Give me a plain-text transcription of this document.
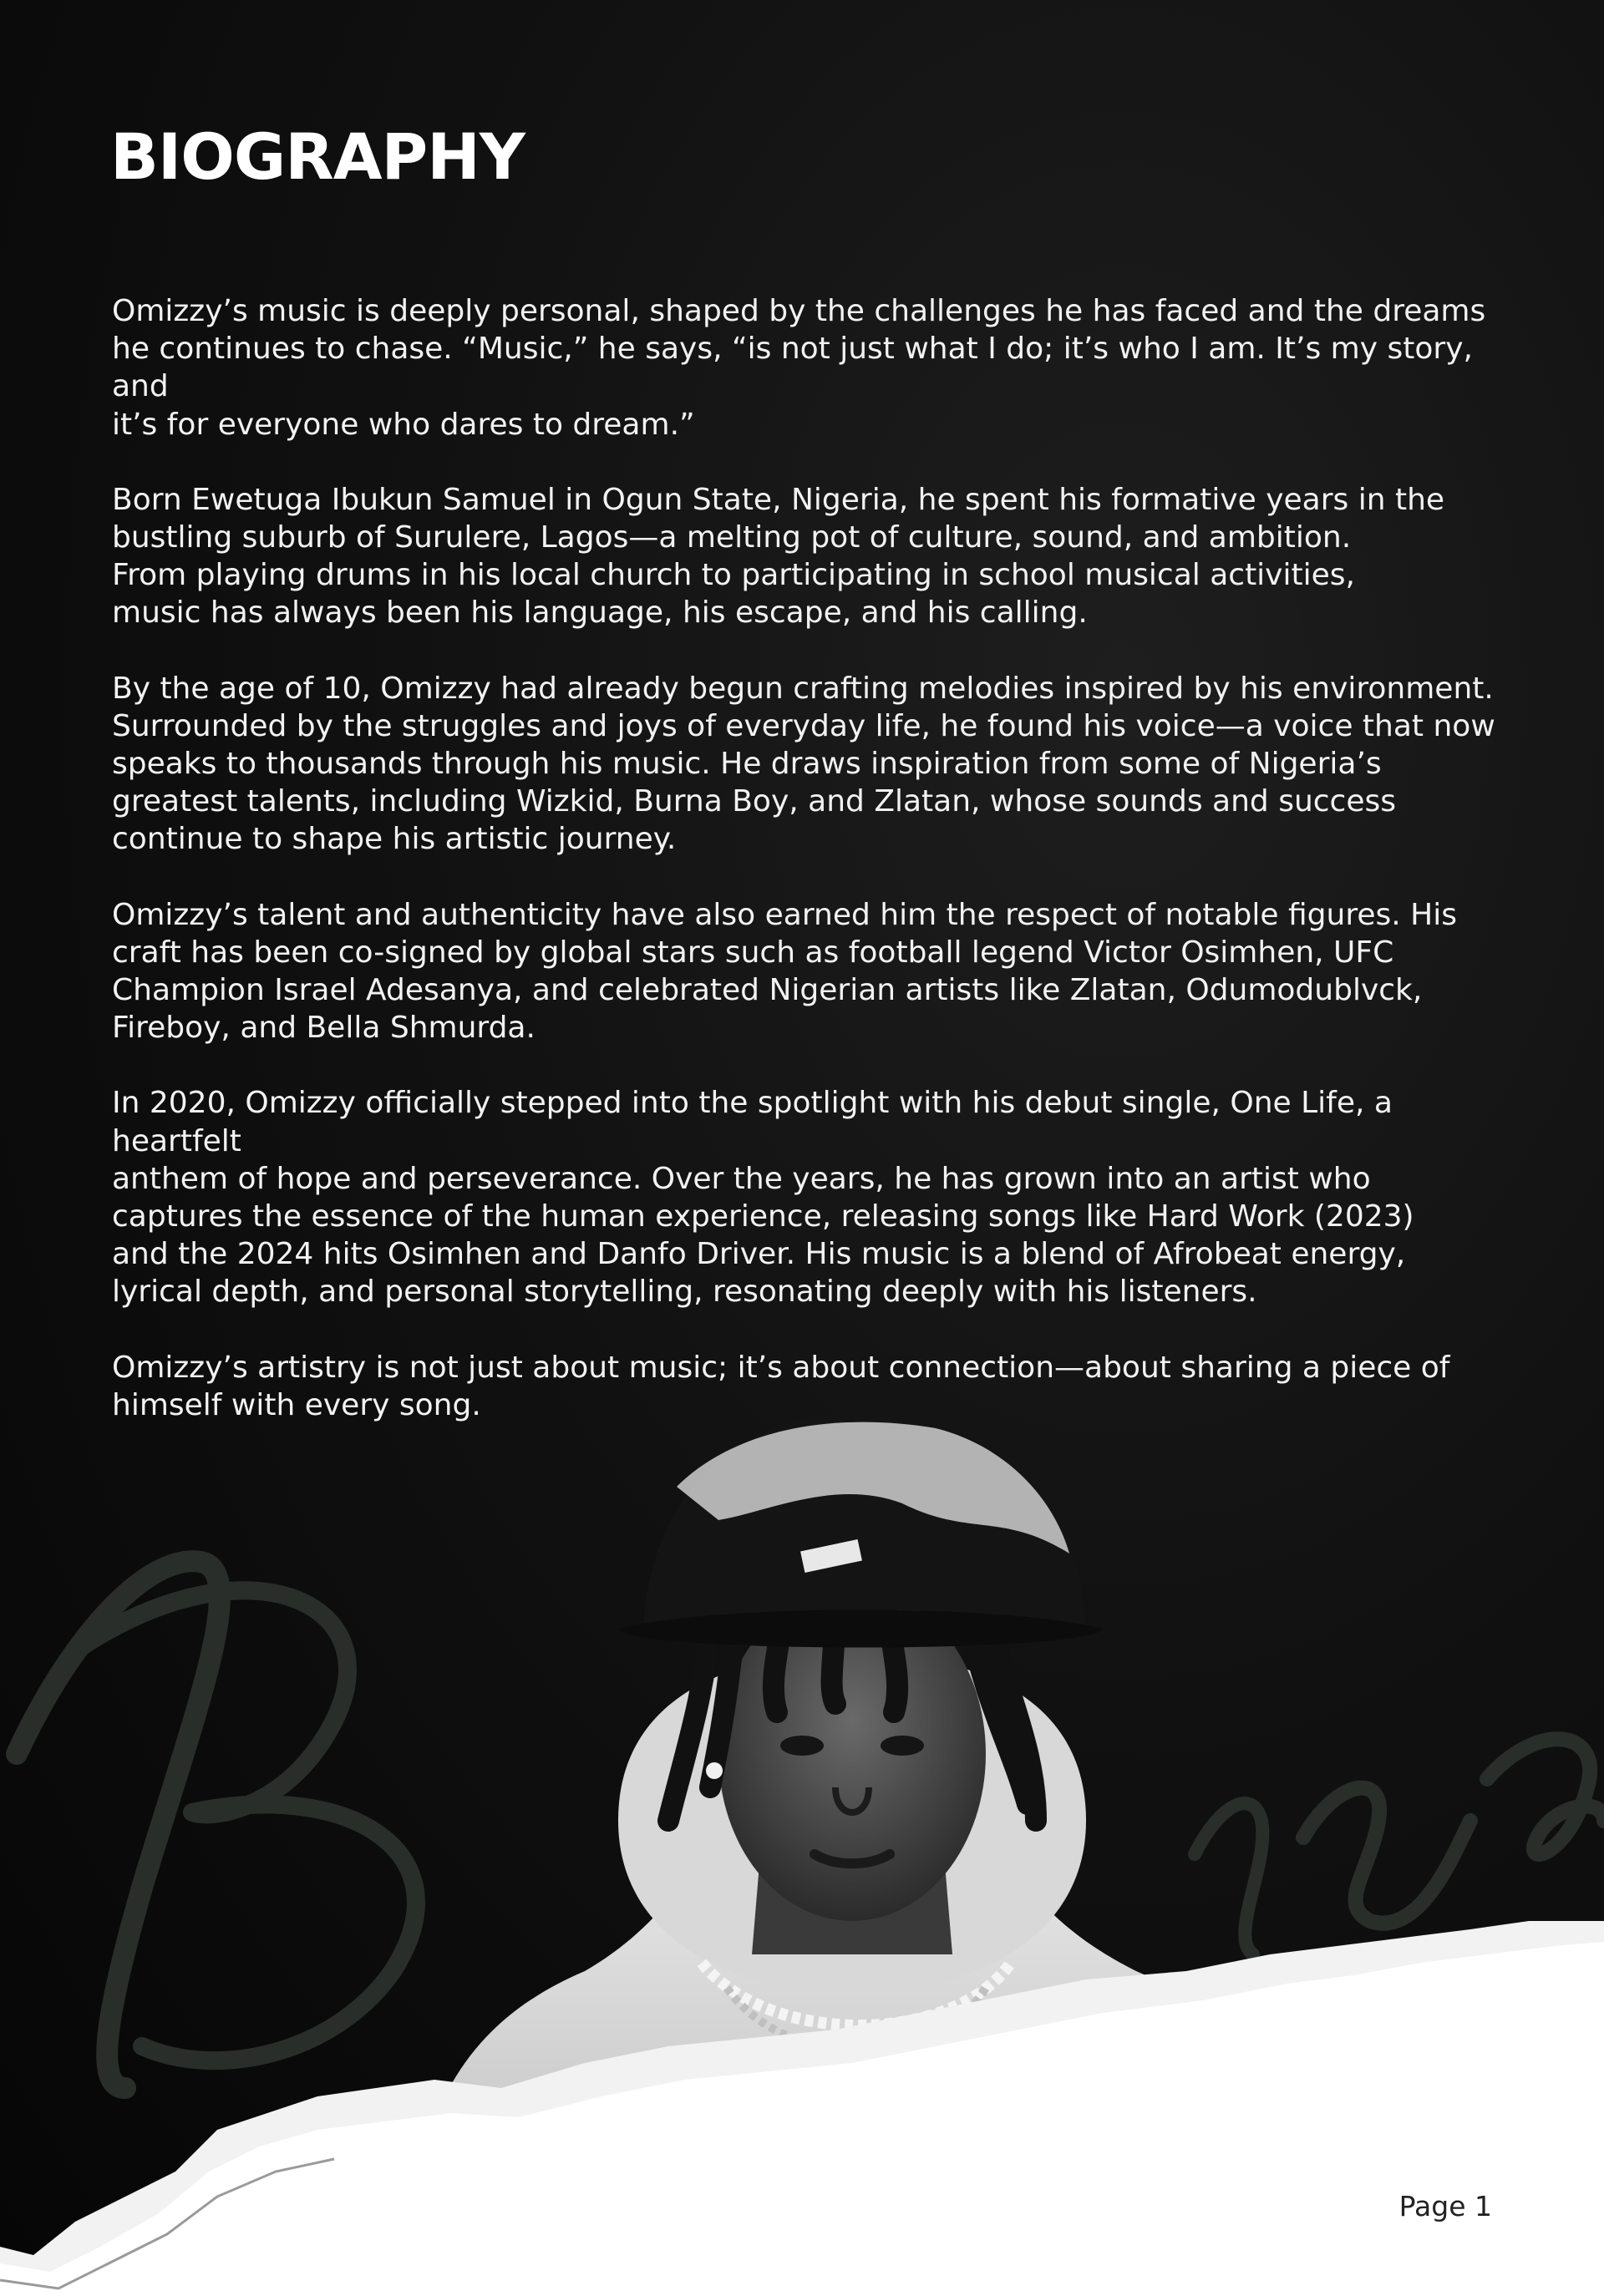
BIOGRAPHY

Omizzy’s music is deeply personal, shaped by the challenges he has faced and the dreams
he continues to chase. “Music,” he says, “is not just what I do; it’s who I am. It’s my story, and
it’s for everyone who dares to dream.”

Born Ewetuga Ibukun Samuel in Ogun State, Nigeria, he spent his formative years in the
bustling suburb of Surulere, Lagos—a melting pot of culture, sound, and ambition.
From playing drums in his local church to participating in school musical activities,
music has always been his language, his escape, and his calling.

By the age of 10, Omizzy had already begun crafting melodies inspired by his environment.
Surrounded by the struggles and joys of everyday life, he found his voice—a voice that now
speaks to thousands through his music. He draws inspiration from some of Nigeria’s
greatest talents, including Wizkid, Burna Boy, and Zlatan, whose sounds and success
continue to shape his artistic journey.

Omizzy’s talent and authenticity have also earned him the respect of notable figures. His
craft has been co-signed by global stars such as football legend Victor Osimhen, UFC
Champion Israel Adesanya, and celebrated Nigerian artists like Zlatan, Odumodublvck,
Fireboy, and Bella Shmurda.

In 2020, Omizzy officially stepped into the spotlight with his debut single, One Life, a heartfelt
anthem of hope and perseverance. Over the years, he has grown into an artist who
captures the essence of the human experience, releasing songs like Hard Work (2023)
and the 2024 hits Osimhen and Danfo Driver. His music is a blend of Afrobeat energy,
lyrical depth, and personal storytelling, resonating deeply with his listeners.

Omizzy’s artistry is not just about music; it’s about connection—about sharing a piece of
himself with every song.

Page 1
